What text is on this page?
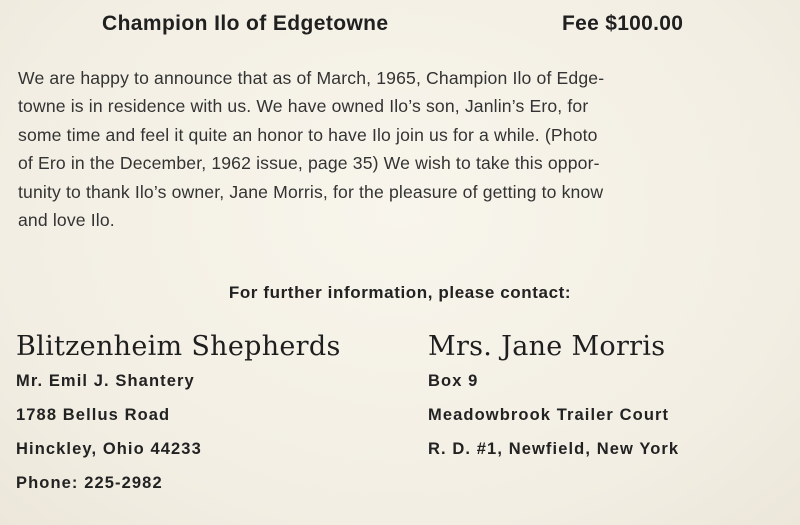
Champion Ilo of Edgetowne	Fee $100.00
We are happy to announce that as of March, 1965, Champion Ilo of Edge-
towne is in residence with us. We have owned Ilo’s son, Janlin’s Ero, for
some time and feel it quite an honor to have Ilo join us for a while. (Photo
of Ero in the December, 1962 issue, page 35) We wish to take this oppor-
tunity to thank Ilo’s owner, Jane Morris, for the pleasure of getting to know
and love Ilo.
For further information, please contact:
Blitzenheim Shepherds
Mr. Emil J. Shantery
1788 Bellus Road
Hinckley, Ohio 44233
Phone: 225-2982
Mrs. Jane Morris
Box 9
Meadowbrook Trailer Court
R. D. #1, Newfield, New York
